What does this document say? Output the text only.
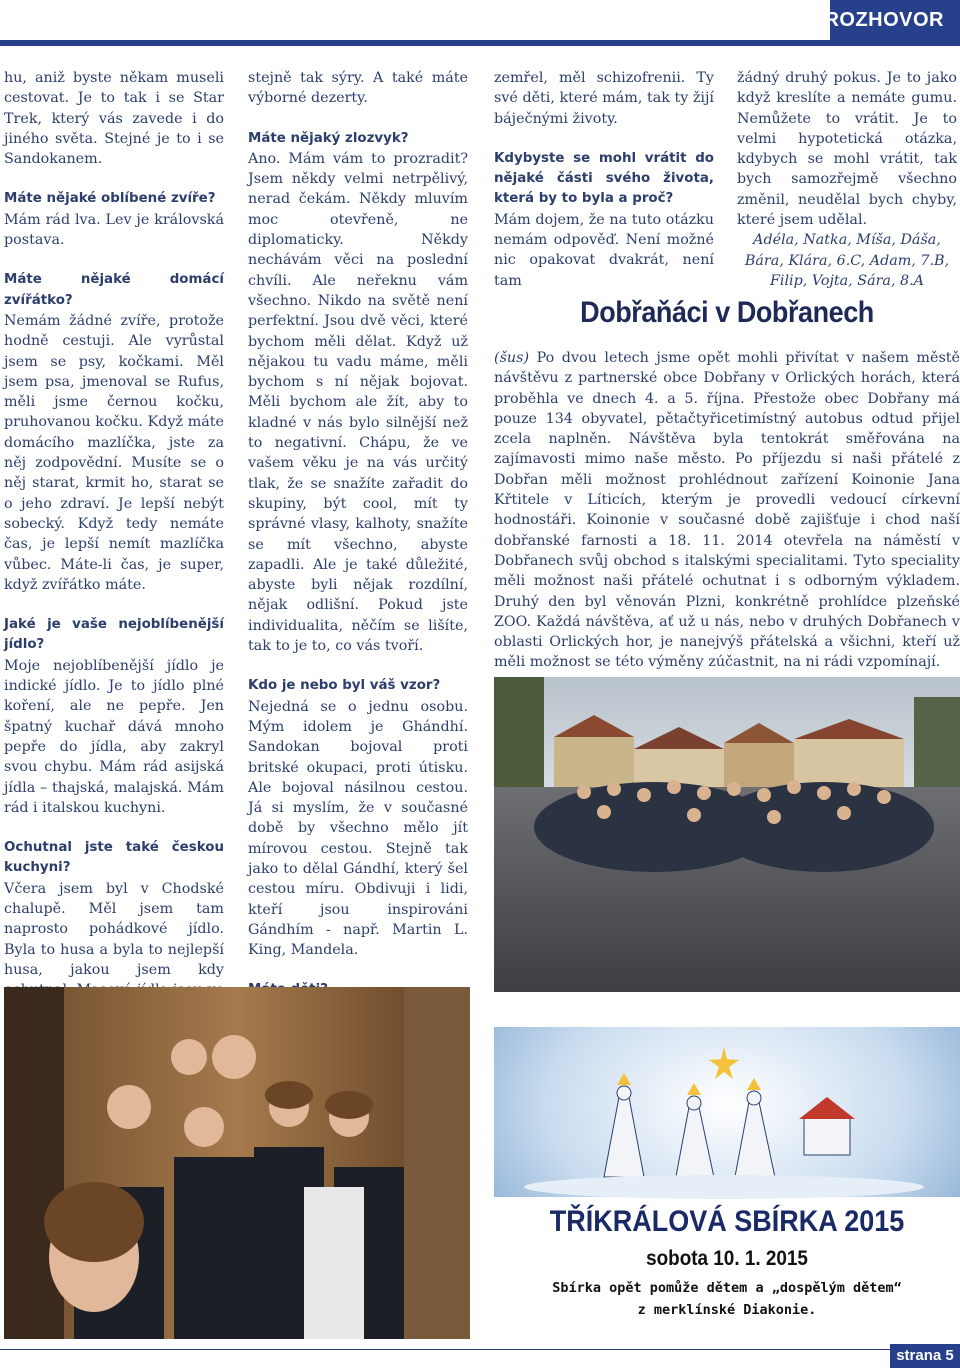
ROZHOVOR

hu, aniž byste někam museli cestovat. Je to tak i se Star Trek, který vás zavede i do jiného světa. Stejné je to i se Sandokanem.

Máte nějaké oblíbené zvíře?

Mám rád lva. Lev je královská postava.

Máte nějaké domácí zvířátko?

Nemám žádné zvíře, protože hodně cestuji. Ale vyrůstal jsem se psy, kočkami. Měl jsem psa, jmenoval se Rufus, měli jsme černou kočku, pruhovanou kočku. Když máte domácího mazlíčka, jste za něj zodpovědní. Musíte se o něj starat, krmit ho, starat se o jeho zdraví. Je lepší nebýt sobecký. Když tedy nemáte čas, je lepší nemít mazlíčka vůbec. Máte-li čas, je super, když zvířátko máte.

Jaké je vaše nejoblíbenější jídlo?

Moje nejoblíbenější jídlo je indické jídlo. Je to jídlo plné koření, ale ne pepře. Jen špatný kuchař dává mnoho pepře do jídla, aby zakryl svou chybu. Mám rád asijská jídla – thajská, malajská. Mám rád i italskou kuchyni.

Ochutnal jste také českou kuchyni?

Včera jsem byl v Chodské chalupě. Měl jsem tam naprosto pohádkové jídlo. Byla to husa a byla to nejlepší husa, jakou jsem kdy

stejně tak sýry. A také máte výborné dezerty.

Máte nějaký zlozvyk?

Ano. Mám vám to prozradit? Jsem někdy velmi netrpělivý, nerad čekám. Někdy mluvím moc otevřeně, ne diplomaticky. Někdy nechávám věci na poslední chvíli. Ale neřeknu vám všechno. Nikdo na světě není perfektní. Jsou dvě věci, které bychom měli dělat. Když už nějakou tu vadu máme, měli bychom s ní nějak bojovat. Měli bychom ale žít, aby to kladné v nás bylo silnější než to negativní. Chápu, že ve vašem věku je na vás určitý tlak, že se snažíte zařadit do skupiny, být cool, mít ty správné vlasy, kalhoty, snažíte se mít všechno, abyste zapadli. Ale je také důležité, abyste byli nějak rozdílní, nějak odlišní. Pokud jste individualita, něčím se lišíte, tak to je to, co vás tvoří.

Kdo je nebo byl váš vzor?

Nejedná se o jednu osobu. Mým idolem je Ghándhí. Sandokan bojoval proti britské okupaci, proti útisku. Ale bojoval násilnou cestou. Já si myslím, že v současné době by všechno mělo jít mírovou cestou. Stejně tak jako to dělal Gándhí, který šel cestou míru. Obdivuji i lidi, kteří jsou inspirováni Gándhím - např. Martin L. King, Mandela.

zemřel, měl schizofrenii. Ty své děti, které mám, tak ty žijí báječnými životy.

Kdybyste se mohl vrátit do nějaké části svého života, která by to byla a proč?

Mám dojem, že na tuto otázku nemám odpověď. Není možné nic opakovat dvakrát, není tam

žádný druhý pokus. Je to jako když kreslíte a nemáte gumu. Nemůžete to vrátit. Je to velmi hypotetická otázka, kdybych se mohl vrátit, tak bych samozřejmě všechno změnil, neudělal bych chyby, které jsem udělal.

Adéla, Natka, Míša, Dáša, Bára, Klára, 6.C, Adam, 7.B, Filip, Vojta, Sára, 8.A

Dobřaňáci v Dobřanech
(šus) Po dvou letech jsme opět mohli přivítat v našem městě návštěvu z partnerské obce Dobřany v Orlických horách, která proběhla ve dnech 4. a 5. října. Přestože obec Dobřany má pouze 134 obyvatel, pětačtyřicetimístný autobus odtud přijel zcela naplněn. Návštěva byla tentokrát směřována na zajímavosti mimo naše město. Po příjezdu si naši přátelé z Dobřan měli možnost prohlédnout zařízení Koinonie Jana Křtitele v Líticích, kterým je provedli vedoucí církevní hodnostáři. Koinonie v současné době zajišťuje i chod naší dobřanské farnosti a 18. 11. 2014 otevřela na náměstí v Dobřanech svůj obchod s italskými specialitami. Tyto speciality měli možnost naši přátelé ochutnat i s odborným výkladem. Druhý den byl věnován Plzni, konkrétně prohlídce plzeňské ZOO. Každá návštěva, ať už u nás, nebo v druhých Dobřanech v oblasti Orlických hor, je nanejvýš přátelská a všichni, kteří už měli možnost se této výměny zúčastnit, na ni rádi vzpomínají.
TŘÍKRÁLOVÁ SBÍRKA 2015
sobota 10. 1. 2015
Sbírka opět pomůže dětem a „dospělým dětem“
z merklínské Diakonie.
strana 5
